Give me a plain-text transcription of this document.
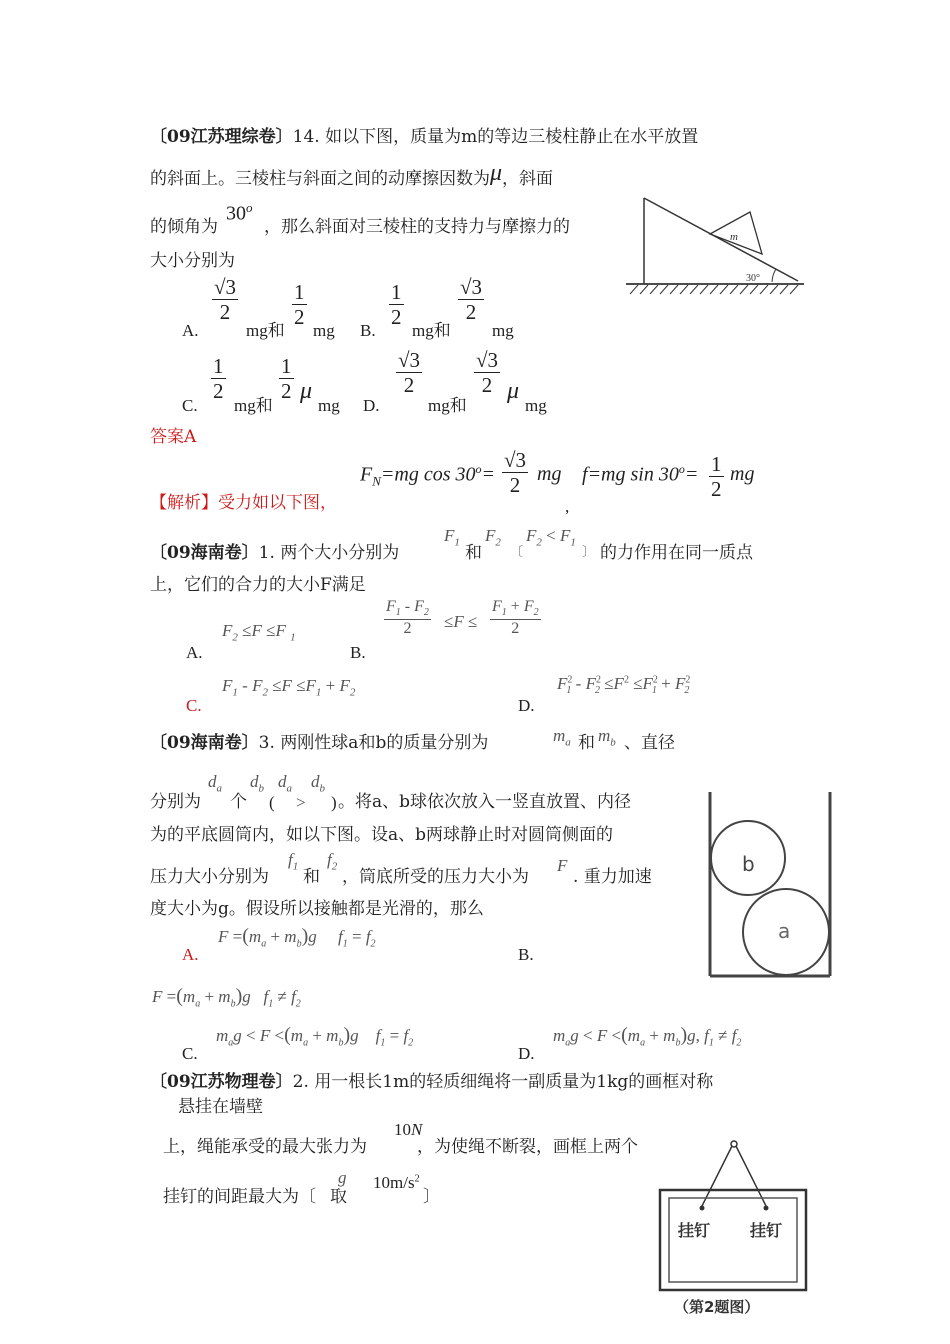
〔09江苏理综卷〕14. 如以下图，质量为m的等边三棱柱静止在水平放置
的斜面上。三棱柱与斜面之间的动摩擦因数为μ，斜面
30$^o$
的倾角为	，那么斜面对三棱柱的支持力与摩擦力的
大小分别为
A.
$\frac{√3}{2}$
mg和
$\frac{1}{2}$
mg B.
$\frac{1}{2}$
mg和
$\frac{√3}{2}$
mg
C.
$\frac{1}{2}$
mg和
$\frac{1}{2}$ μ
mg D.
$\frac{√3}{2}$
mg和
$\frac{√3}{2}$ μ
mg
答案A
$F_N=mg$ $\cos 30^o= \frac{√3}{2}$ mg
,
f=mg $\sin 30^o= \frac{1}{2}$ mg
【解析】受力如以下图，
m
30°
〔09海南卷〕1. 两个大小分别为
$F_1$
和
$F_2$
〔
$F_2 < F_1$
〕 的力作用在同一质点
上，它们的合力的大小F满足
A.
$F_2 \le F \le F$ $_1$
B.
$\frac{F_1 - F_2}{2} \le F \le \frac{F_1 + F_2}{2}$
C.
$F_1 - F_2 \le F \le F_1 + F_2$
D.
$F^2_1 - F^2_2 \le F^2 \le F^2_1 + F^2_2$
〔09海南卷〕3. 两刚性球a和b的质量分别为	$m_a$ 和 $m_b$ 、直径
分别为
$d_a$
个
$d_b$
(
$d_a$
>
$d_b$
) 。将a、b球依次放入一竖直放置、内径
为的平底圆筒内，如以下图。设a、b两球静止时对圆筒侧面的
压力大小分别为
$f_1$
和
$f_2$
，筒底所受的压力大小为
F
. 重力加速
度大小为g。假设所以接触都是光滑的，那么
A.
$F =(m_a + m_b)g$ $f_1 = f_2$
B.
$F =(m_a + m_b)g$ $f_1 \ne f_2$
C.
$m_ag < F <(m_a + m_b)g$ $f_1 = f_2$
D.
$m_ag < F <(m_a + m_b)g$, $f_1 \ne f_2$
a
b
〔09江苏物理卷〕2. 用一根长1m的轻质细绳将一副质量为1kg的画框对称
悬挂在墙壁
10N
上，绳能承受的最大张力为	，为使绳不断裂，画框上两个
g $10m/s^2$
挂钉的间距最大为〔 取	〕
挂钉 挂钉
（第2题图）
